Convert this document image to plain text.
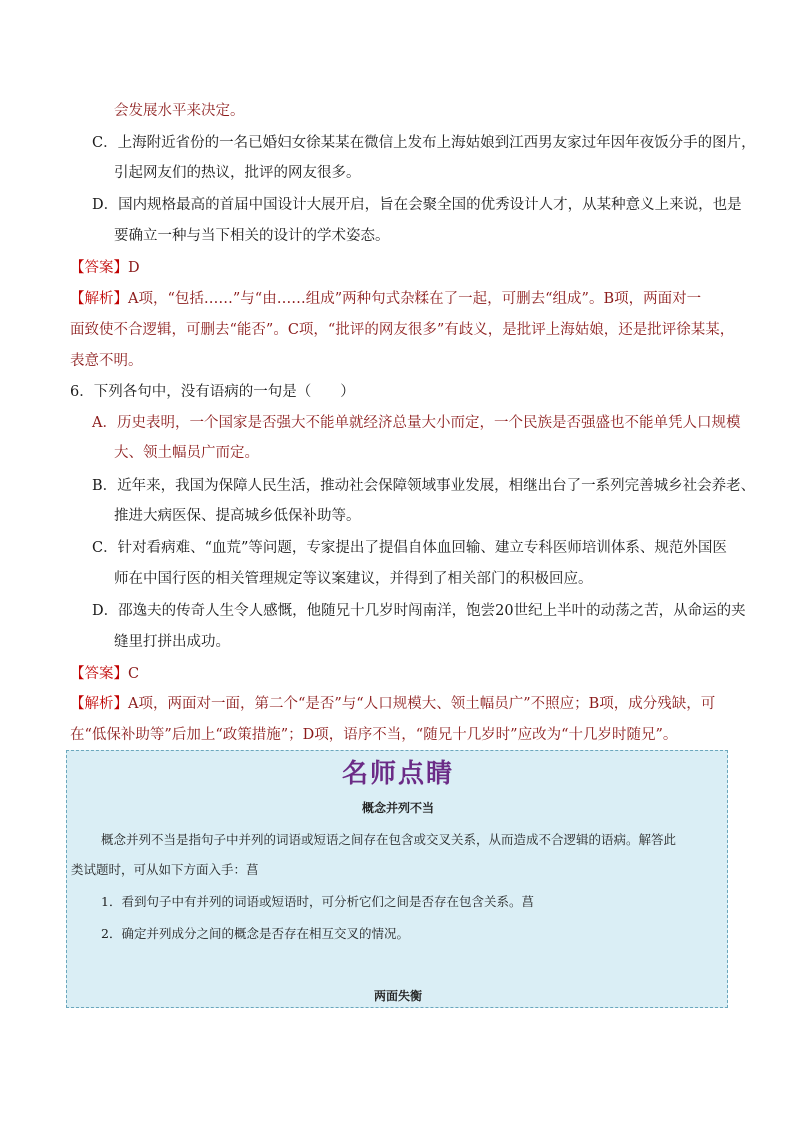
会发展水平来决定。
C．上海附近省份的一名已婚妇女徐某某在微信上发布上海姑娘到江西男友家过年因年夜饭分手的图片，
引起网友们的热议，批评的网友很多。
D．国内规格最高的首届中国设计大展开启，旨在会聚全国的优秀设计人才，从某种意义上来说，也是
要确立一种与当下相关的设计的学术姿态。
【答案】D
【解析】A项，“包括……”与“由……组成”两种句式杂糅在了一起，可删去“组成”。B项，两面对一
面致使不合逻辑，可删去“能否”。C项，“批评的网友很多”有歧义，是批评上海姑娘，还是批评徐某某，
表意不明。
6．下列各句中，没有语病的一句是（　　）
A．历史表明，一个国家是否强大不能单就经济总量大小而定，一个民族是否强盛也不能单凭人口规模
大、领土幅员广而定。
B．近年来，我国为保障人民生活，推动社会保障领域事业发展，相继出台了一系列完善城乡社会养老、
推进大病医保、提高城乡低保补助等。
C．针对看病难、“血荒”等问题，专家提出了提倡自体血回输、建立专科医师培训体系、规范外国医
师在中国行医的相关管理规定等议案建议，并得到了相关部门的积极回应。
D．邵逸夫的传奇人生令人感慨，他随兄十几岁时闯南洋，饱尝20世纪上半叶的动荡之苦，从命运的夹
缝里打拼出成功。
【答案】C
【解析】A项，两面对一面，第二个“是否”与“人口规模大、领土幅员广”不照应；B项，成分残缺，可
在“低保补助等”后加上“政策措施”；D项，语序不当，“随兄十几岁时”应改为“十几岁时随兄”。
名师点睛
概念并列不当
概念并列不当是指句子中并列的词语或短语之间存在包含或交叉关系，从而造成不合逻辑的语病。解答此
类试题时，可从如下方面入手：菖
1．看到句子中有并列的词语或短语时，可分析它们之间是否存在包含关系。菖
2．确定并列成分之间的概念是否存在相互交叉的情况。
两面失衡
